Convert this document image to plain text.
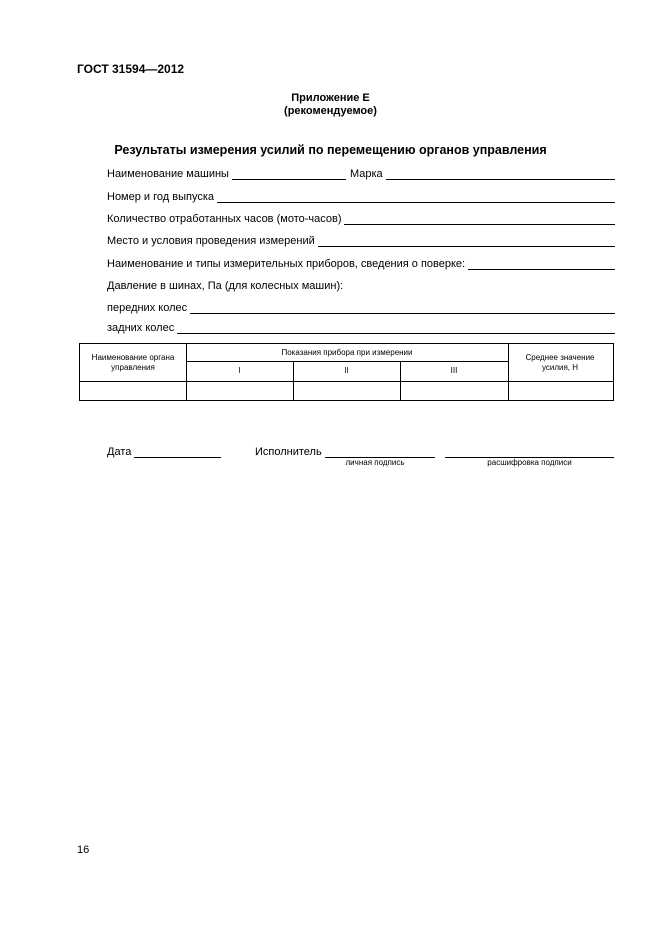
ГОСТ 31594—2012
Приложение Е
(рекомендуемое)
Результаты измерения усилий по перемещению органов управления
Наименование машины	Марка
Номер и год выпуска
Количество отработанных часов (мото-часов)
Место и условия проведения измерений
Наименование и типы измерительных приборов, сведения о поверке:
Давление в шинах, Па (для колесных машин):
передних колес
задних колес
Наименование органа управления
Показания прибора при измерении
I	II	III
Среднее значение усилия, Н
Дата	Исполнитель
личная подпись	расшифровка подписи
16
